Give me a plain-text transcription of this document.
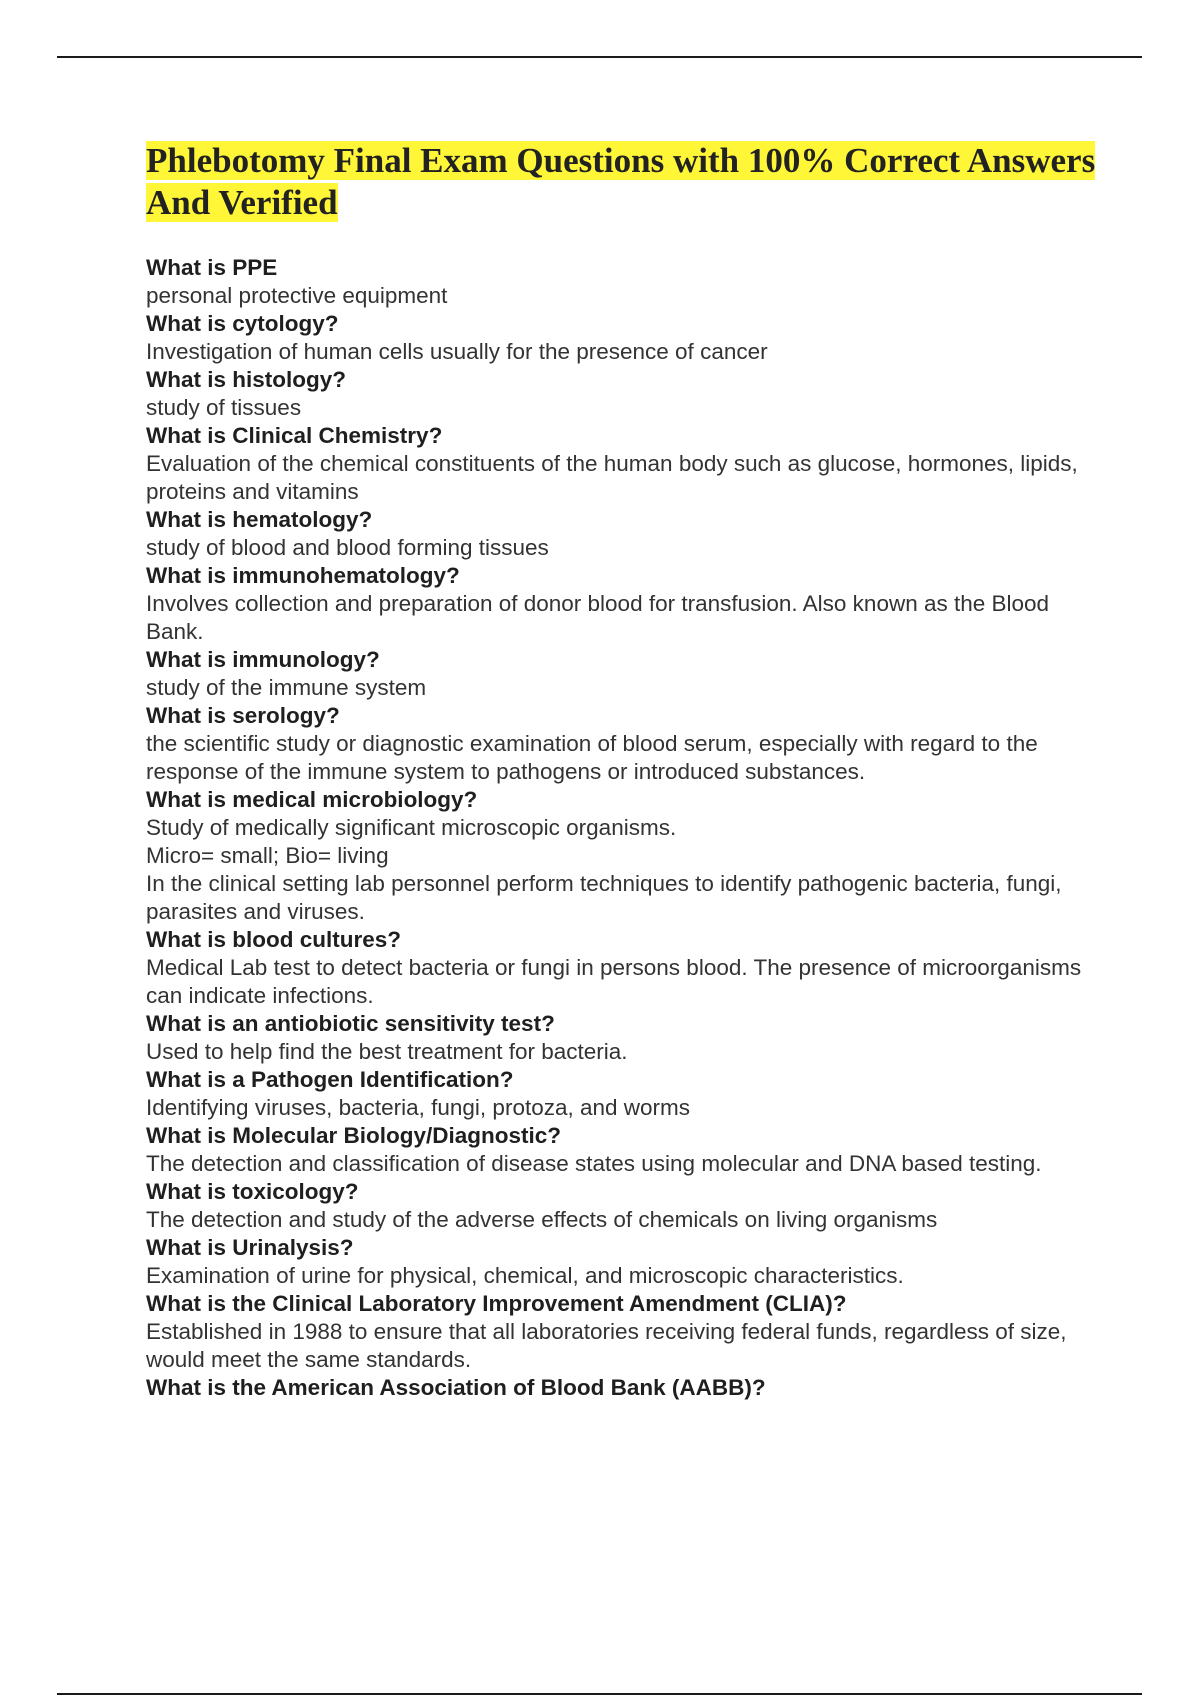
Phlebotomy Final Exam Questions with 100% Correct Answers And Verified
What is PPE
personal protective equipment
What is cytology?
Investigation of human cells usually for the presence of cancer
What is histology?
study of tissues
What is Clinical Chemistry?
Evaluation of the chemical constituents of the human body such as glucose, hormones, lipids, proteins and vitamins
What is hematology?
study of blood and blood forming tissues
What is immunohematology?
Involves collection and preparation of donor blood for transfusion. Also known as the Blood Bank.
What is immunology?
study of the immune system
What is serology?
the scientific study or diagnostic examination of blood serum, especially with regard to the response of the immune system to pathogens or introduced substances.
What is medical microbiology?
Study of medically significant microscopic organisms.
Micro= small; Bio= living
In the clinical setting lab personnel perform techniques to identify pathogenic bacteria, fungi, parasites and viruses.
What is blood cultures?
Medical Lab test to detect bacteria or fungi in persons blood. The presence of microorganisms can indicate infections.
What is an antiobiotic sensitivity test?
Used to help find the best treatment for bacteria.
What is a Pathogen Identification?
Identifying viruses, bacteria, fungi, protoza, and worms
What is Molecular Biology/Diagnostic?
The detection and classification of disease states using molecular and DNA based testing.
What is toxicology?
The detection and study of the adverse effects of chemicals on living organisms
What is Urinalysis?
Examination of urine for physical, chemical, and microscopic characteristics.
What is the Clinical Laboratory Improvement Amendment (CLIA)?
Established in 1988 to ensure that all laboratories receiving federal funds, regardless of size, would meet the same standards.
What is the American Association of Blood Bank (AABB)?
